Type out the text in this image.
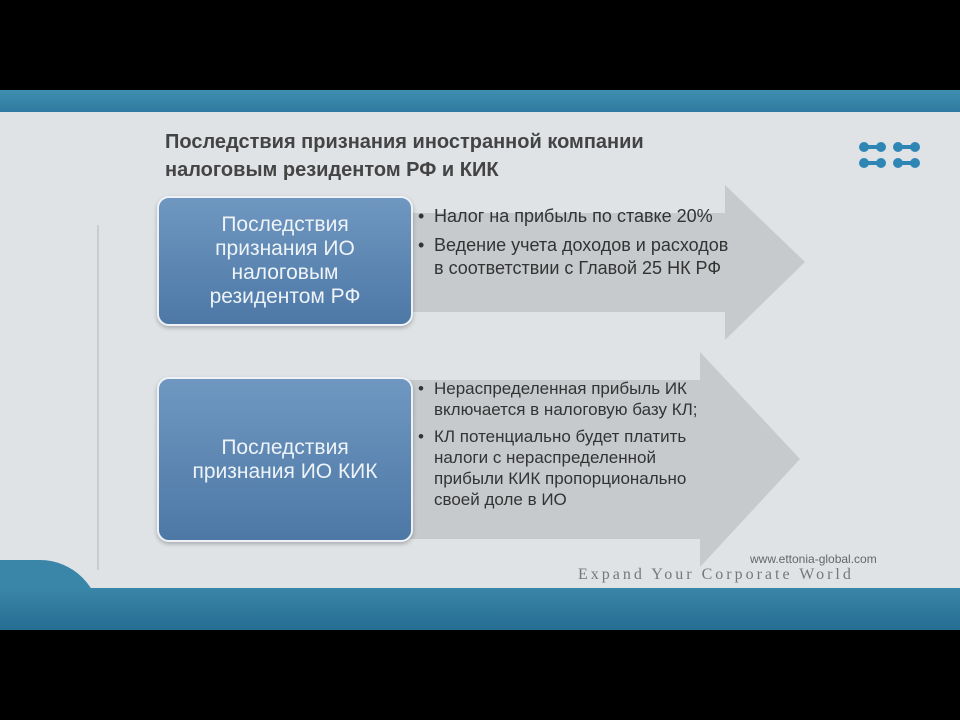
Последствия признания иностранной компании налоговым резидентом РФ и КИК
Последствия признания ИО налоговым резидентом РФ
• Налог на прибыль по ставке 20%
• Ведение учета доходов и расходов в соответствии с Главой 25 НК РФ
Последствия признания ИО КИК
• Нераспределенная прибыль ИК включается в налоговую базу КЛ;
• КЛ потенциально будет платить налоги с нераспределенной прибыли КИК пропорционально своей доле в ИО
www.ettonia-global.com
Expand Your Corporate World
